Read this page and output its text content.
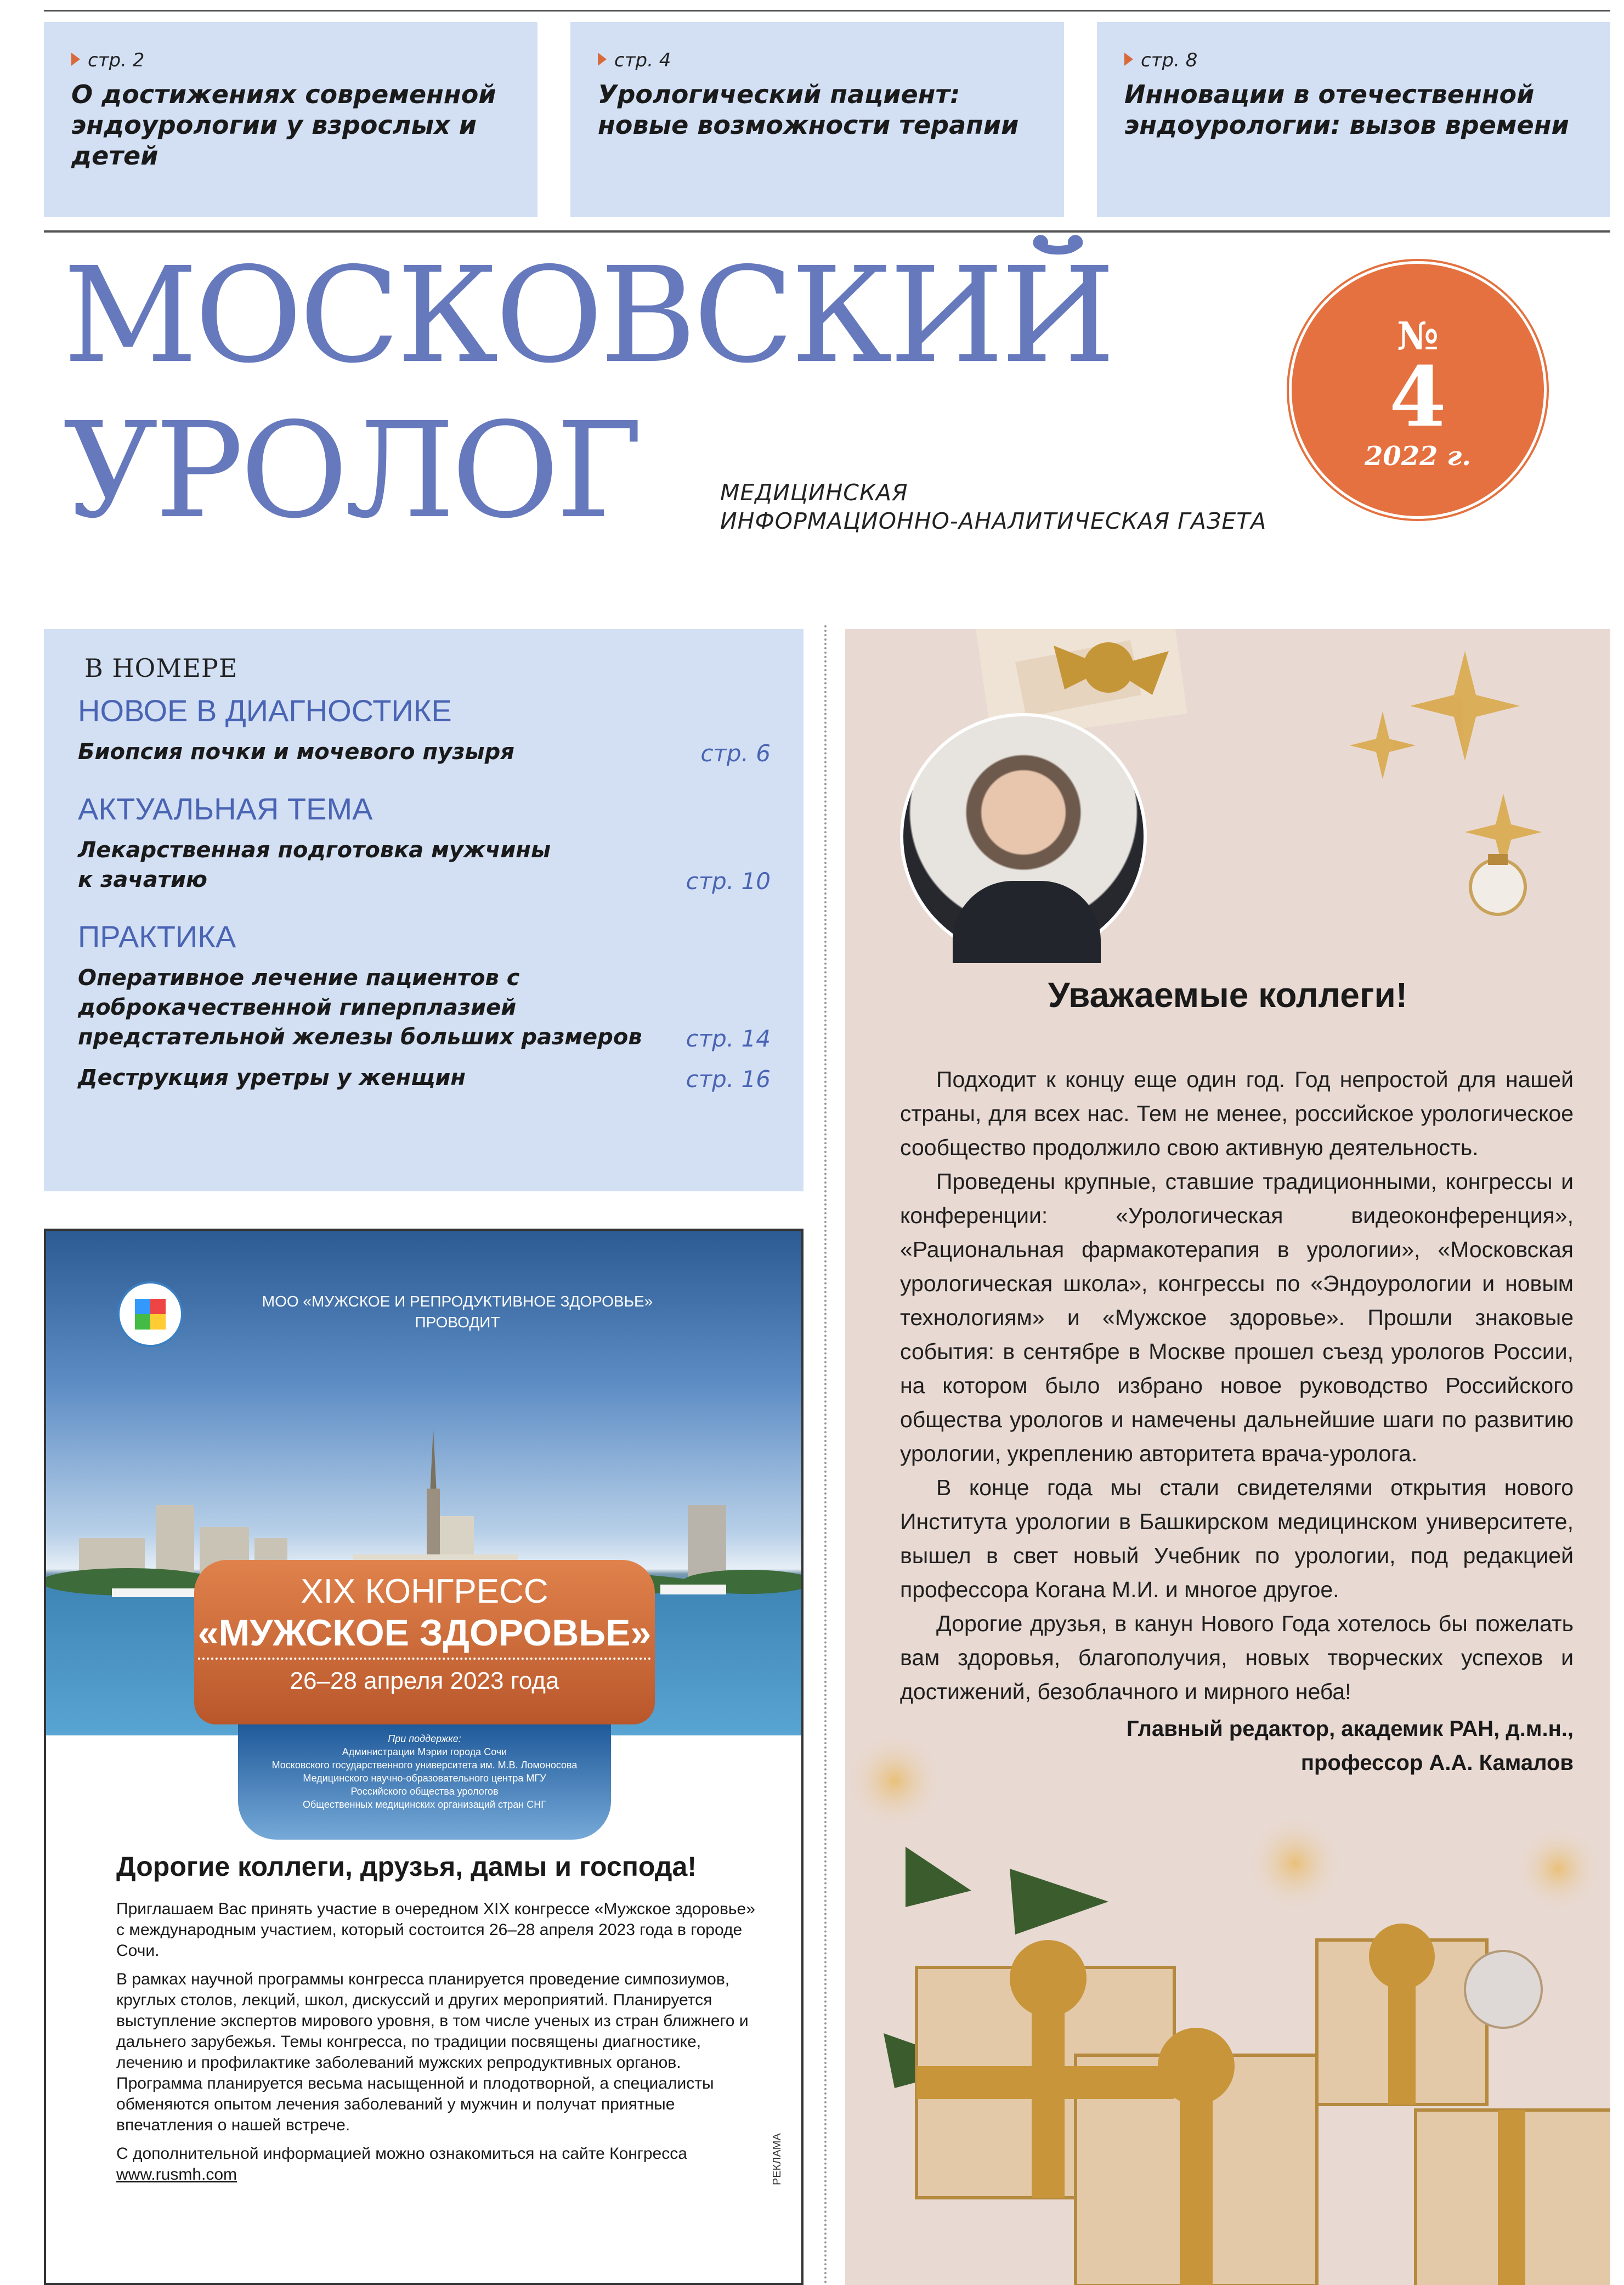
стр. 2
О достижениях современной эндоурологии у взрослых и детей
стр. 4
Урологический пациент: новые возможности терапии
стр. 8
Инновации в отечественной эндоурологии: вызов времени
МОСКОВСКИЙ
УРОЛОГ	МЕДИЦИНСКАЯ
ИНФОРМАЦИОННО-АНАЛИТИЧЕСКАЯ ГАЗЕТА
№
4
2022 г.
В НОМЕРЕ
НОВОЕ В ДИАГНОСТИКЕ
Биопсия почки и мочевого пузыря	стр. 6
АКТУАЛЬНАЯ ТЕМА
Лекарственная подготовка мужчины к зачатию	стр. 10
ПРАКТИКА
Оперативное лечение пациентов с доброкачественной гиперплазией предстательной железы больших размеров стр. 14
Деструкция уретры у женщин	стр. 16
МОО «МУЖСКОЕ И РЕПРОДУКТИВНОЕ ЗДОРОВЬЕ»
ПРОВОДИТ
XIX КОНГРЕСС
«МУЖСКОЕ ЗДОРОВЬЕ»
26–28 апреля 2023 года
При поддержке:
Администрации Мэрии города Сочи
Московского государственного университета им. М.В. Ломоносова
Медицинского научно-образовательного центра МГУ
Российского общества урологов
Общественных медицинских организаций стран СНГ
Дорогие коллеги, друзья, дамы и господа!

Приглашаем Вас принять участие в очередном XIX конгрессе «Мужское здоровье» с международным участием, который состоится 26–28 апреля 2023 года в городе Сочи.

В рамках научной программы конгресса планируется проведение симпозиумов, круглых столов, лекций, школ, дискуссий и других мероприятий. Планируется выступление экспертов мирового уровня, в том числе ученых из стран ближнего и дальнего зарубежья. Темы конгресса, по традиции посвящены диагностике, лечению и профилактике заболеваний мужских репродуктивных органов. Программа планируется весьма насыщенной и плодотворной, а специалисты обменяются опытом лечения заболеваний у мужчин и получат приятные впечатления о нашей встрече.

С дополнительной информацией можно ознакомиться на сайте Конгресса www.rusmh.com	РЕКЛАМА
Уважаемые коллеги!

Подходит к концу еще один год. Год непростой для нашей страны, для всех нас. Тем не менее, российское урологическое сообщество продолжило свою активную деятельность.

Проведены крупные, ставшие традиционными, конгрессы и конференции: «Урологическая видеоконференция», «Рациональная фармакотерапия в урологии», «Московская урологическая школа», конгрессы по «Эндоурологии и новым технологиям» и «Мужское здоровье». Прошли знаковые события: в сентябре в Москве прошел съезд урологов России, на котором было избрано новое руководство Российского общества урологов и намечены дальнейшие шаги по развитию урологии, укреплению авторитета врача-уролога.

В конце года мы стали свидетелями открытия нового Института урологии в Башкирском медицинском университете, вышел в свет новый Учебник по урологии, под редакцией профессора Когана М.И. и многое другое.

Дорогие друзья, в канун Нового Года хотелось бы пожелать вам здоровья, благополучия, новых творческих успехов и достижений, безоблачного и мирного неба!

Главный редактор, академик РАН, д.м.н.,
профессор А.А. Камалов
